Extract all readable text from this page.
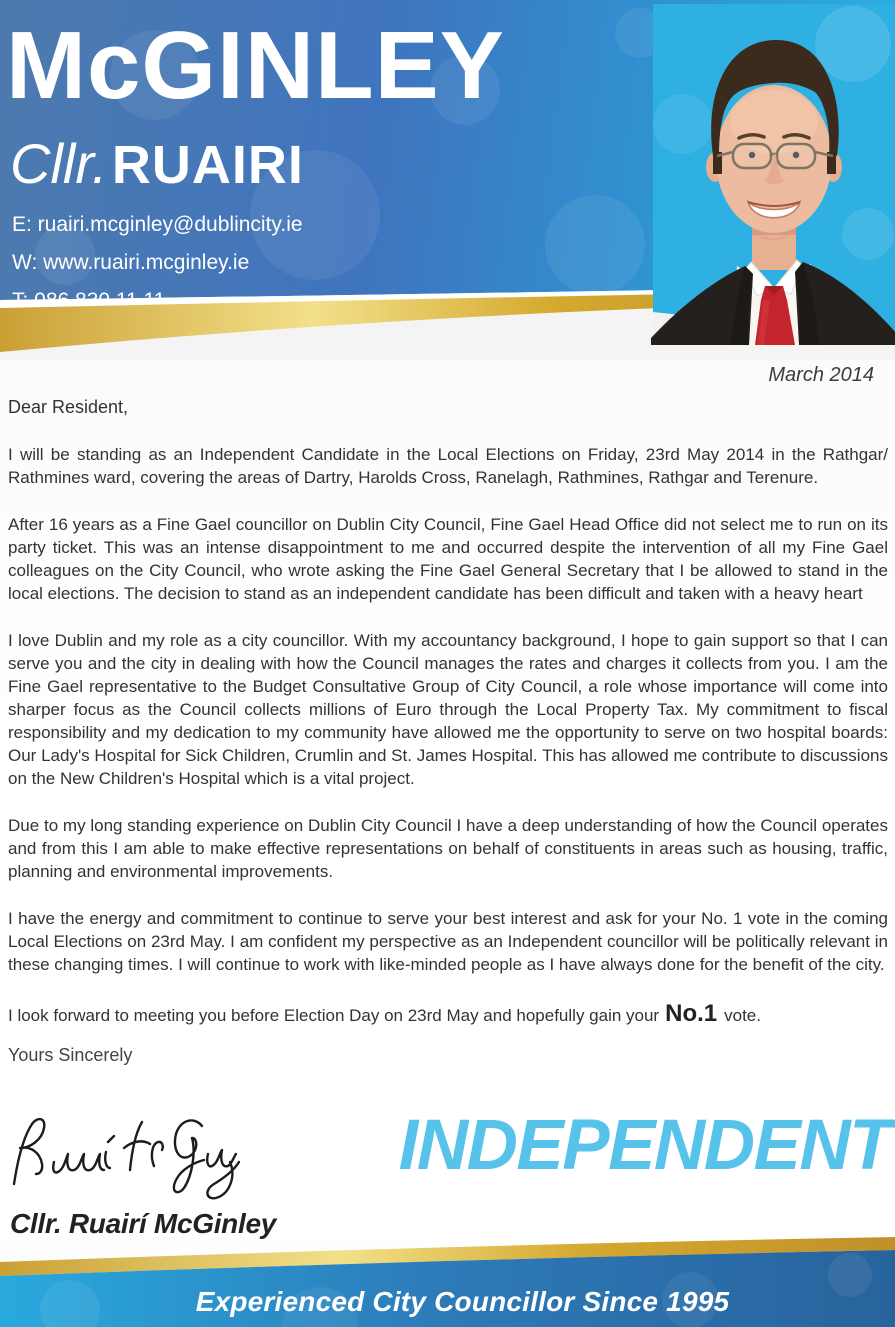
McGINLEY
Cllr. RUAIRI
E: ruairi.mcginley@dublincity.ie
W: www.ruairi.mcginley.ie
March 2014
Dear Resident,

I will be standing as an Independent Candidate in the Local Elections on Friday, 23rd May 2014 in the Rathgar/ Rathmines ward, covering the areas of Dartry, Harolds Cross, Ranelagh, Rathmines, Rathgar and Terenure.

After 16 years as a Fine Gael councillor on Dublin City Council, Fine Gael Head Office did not select me to run on its party ticket. This was an intense disappointment to me and occurred despite the intervention of all my Fine Gael colleagues on the City Council, who wrote asking the Fine Gael General Secretary that I be allowed to stand in the local elections. The decision to stand as an independent candidate has been difficult and taken with a heavy heart

I love Dublin and my role as a city councillor. With my accountancy background, I hope to gain support so that I can serve you and the city in dealing with how the Council manages the rates and charges it collects from you. I am the Fine Gael representative to the Budget Consultative Group of City Council, a role whose importance will come into sharper focus as the Council collects millions of Euro through the Local Property Tax. My commitment to fiscal responsibility and my dedication to my community have allowed me the opportunity to serve on two hospital boards: Our Lady's Hospital for Sick Children, Crumlin and St. James Hospital. This has allowed me contribute to discussions on the New Children's Hospital which is a vital project.

Due to my long standing experience on Dublin City Council I have a deep understanding of how the Council operates and from this I am able to make effective representations on behalf of constituents in areas such as housing, traffic, planning and environmental improvements.

I have the energy and commitment to continue to serve your best interest and ask for your No. 1 vote in the coming Local Elections on 23rd May. I am confident my perspective as an Independent councillor will be politically relevant in these changing times. I will continue to work with like-minded people as I have always done for the benefit of the city.

I look forward to meeting you before Election Day on 23rd May and hopefully gain your No.1 vote.

Yours Sincerely
Cllr. Ruairí McGinley
INDEPENDENT
Experienced City Councillor Since 1995
